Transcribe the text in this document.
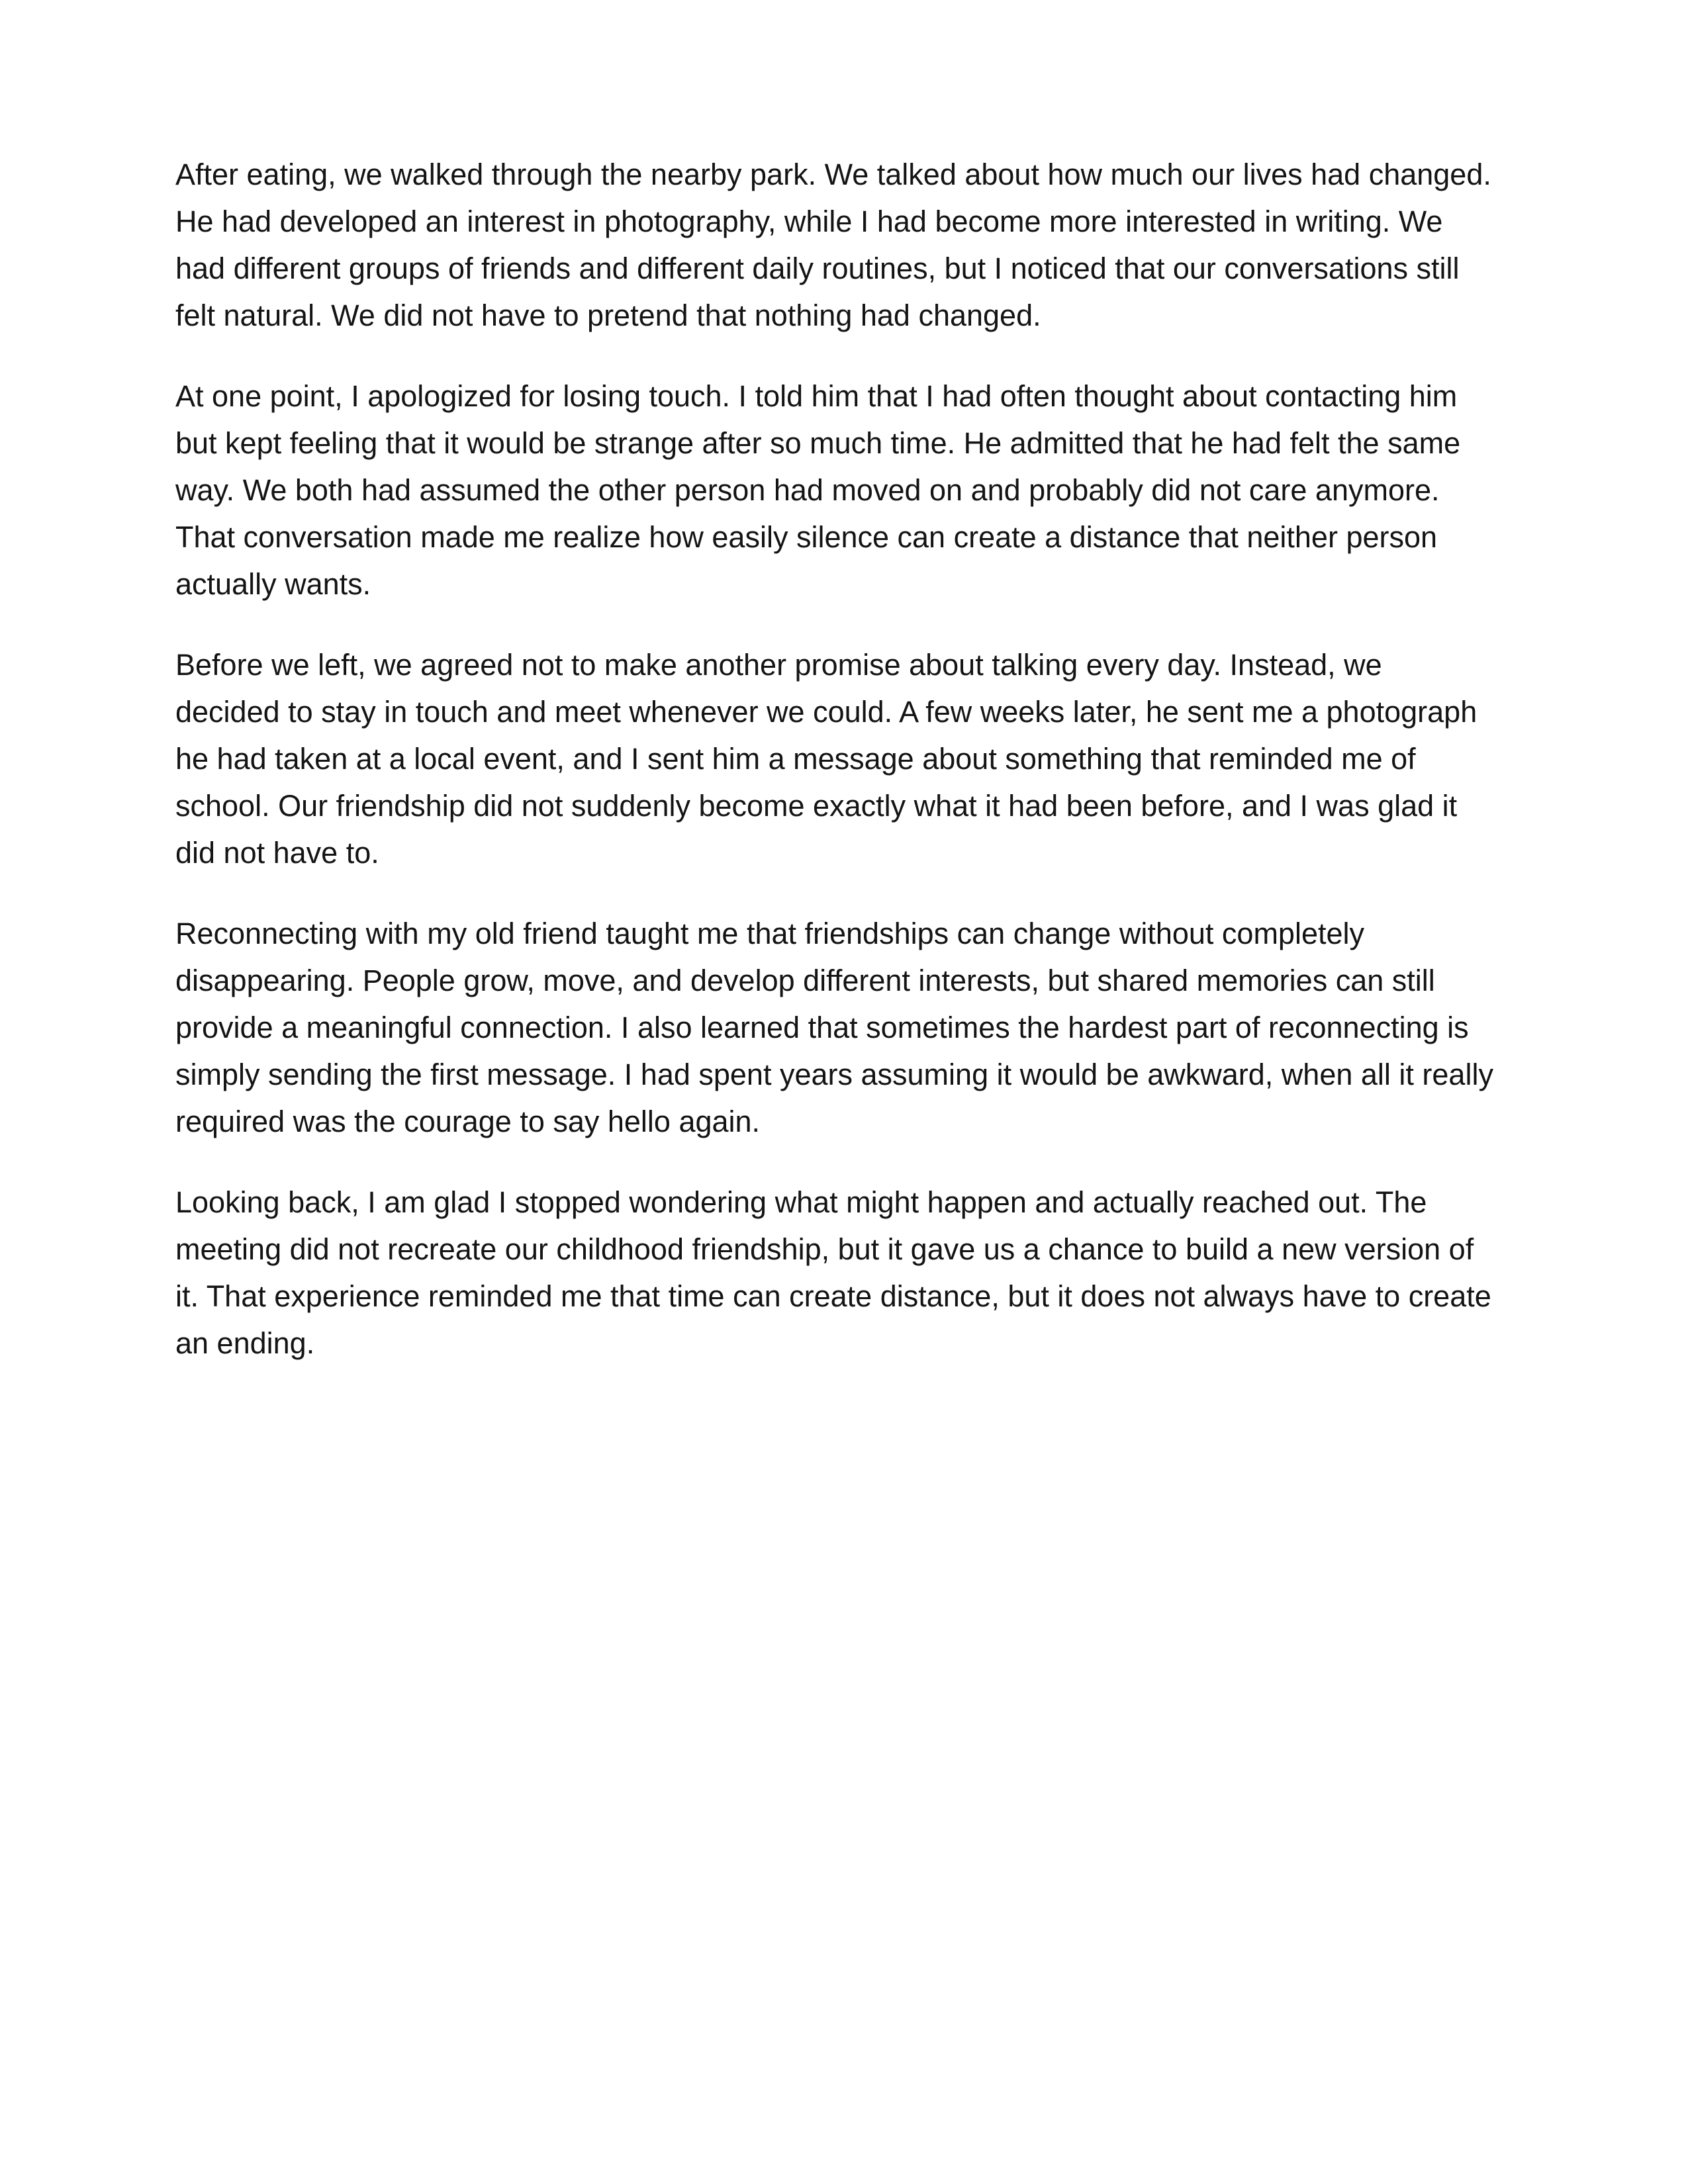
After eating, we walked through the nearby park. We talked about how much our lives had changed.
He had developed an interest in photography, while I had become more interested in writing. We
had different groups of friends and different daily routines, but I noticed that our conversations still
felt natural. We did not have to pretend that nothing had changed.

At one point, I apologized for losing touch. I told him that I had often thought about contacting him
but kept feeling that it would be strange after so much time. He admitted that he had felt the same
way. We both had assumed the other person had moved on and probably did not care anymore.
That conversation made me realize how easily silence can create a distance that neither person
actually wants.

Before we left, we agreed not to make another promise about talking every day. Instead, we
decided to stay in touch and meet whenever we could. A few weeks later, he sent me a photograph
he had taken at a local event, and I sent him a message about something that reminded me of
school. Our friendship did not suddenly become exactly what it had been before, and I was glad it
did not have to.

Reconnecting with my old friend taught me that friendships can change without completely
disappearing. People grow, move, and develop different interests, but shared memories can still
provide a meaningful connection. I also learned that sometimes the hardest part of reconnecting is
simply sending the first message. I had spent years assuming it would be awkward, when all it really
required was the courage to say hello again.

Looking back, I am glad I stopped wondering what might happen and actually reached out. The
meeting did not recreate our childhood friendship, but it gave us a chance to build a new version of
it. That experience reminded me that time can create distance, but it does not always have to create
an ending.
